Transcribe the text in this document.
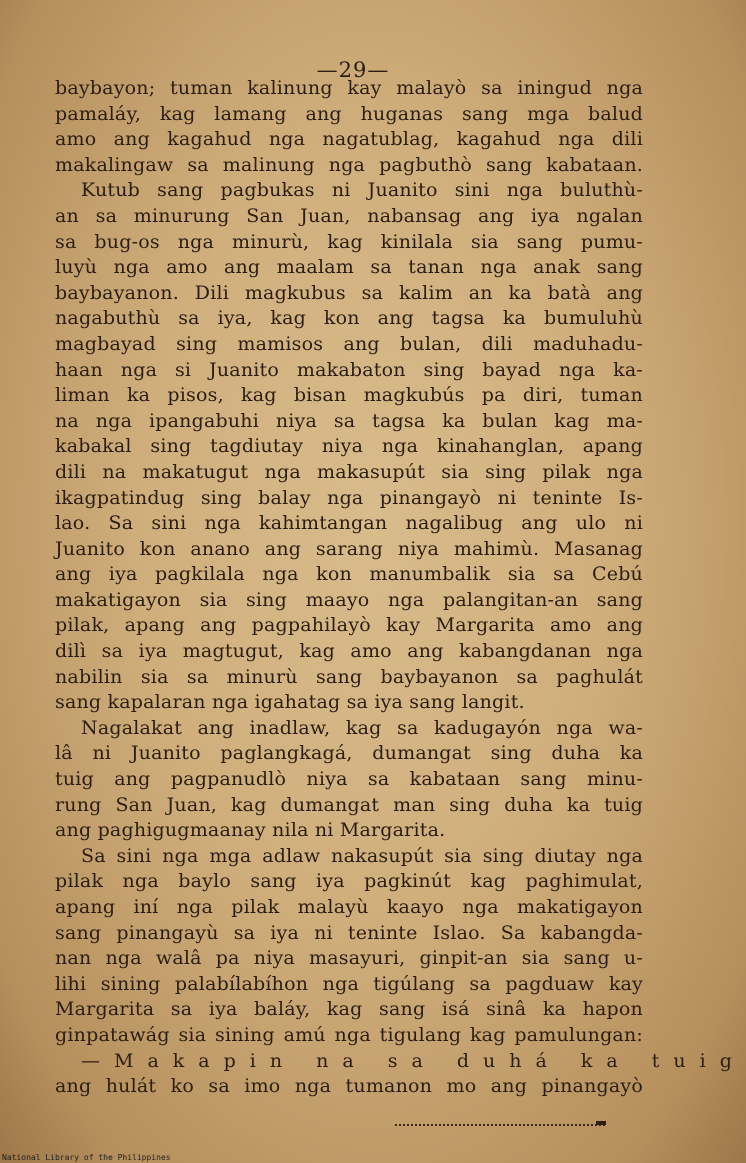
—29—
baybayon; tuman kalinung kay malayò sa iningud nga
pamaláy, kag lamang ang huganas sang mga balud
amo ang kagahud nga nagatublag, kagahud nga dili
makalingaw sa malinung nga pagbuthò sang kabataan.
Kutub sang pagbukas ni Juanito sini nga buluthù-
an sa minurung San Juan, nabansag ang iya ngalan
sa bug-os nga minurù, kag kinilala sia sang pumu-
luyù nga amo ang maalam sa tanan nga anak sang
baybayanon. Dili magkubus sa kalim an ka batà ang
nagabuthù sa iya, kag kon ang tagsa ka bumuluhù
magbayad sing mamisos ang bulan, dili maduhadu-
haan nga si Juanito makabaton sing bayad nga ka-
liman ka pisos, kag bisan magkubús pa diri, tuman
na nga ipangabuhi niya sa tagsa ka bulan kag ma-
kabakal sing tagdiutay niya nga kinahanglan, apang
dili na makatugut nga makasupút sia sing pilak nga
ikagpatindug sing balay nga pinangayò ni teninte Is-
lao. Sa sini nga kahimtangan nagalibug ang ulo ni
Juanito kon anano ang sarang niya mahimù. Masanag
ang iya pagkilala nga kon manumbalik sia sa Cebú
makatigayon sia sing maayo nga palangitan-an sang
pilak, apang ang pagpahilayò kay Margarita amo ang
dilì sa iya magtugut, kag amo ang kabangdanan nga
nabilin sia sa minurù sang baybayanon sa paghulát
sang kapalaran nga igahatag sa iya sang langit.
Nagalakat ang inadlaw, kag sa kadugayón nga wa-
lâ ni Juanito paglangkagá, dumangat sing duha ka
tuig ang pagpanudlò niya sa kabataan sang minu-
rung San Juan, kag dumangat man sing duha ka tuig
ang paghigugmaanay nila ni Margarita.
Sa sini nga mga adlaw nakasupút sia sing diutay nga
pilak nga baylo sang iya pagkinút kag paghimulat,
apang iní nga pilak malayù kaayo nga makatigayon
sang pinangayù sa iya ni teninte Islao. Sa kabangda-
nan nga walâ pa niya masayuri, ginpit-an sia sang u-
lihi sining palabílabíhon nga tigúlang sa pagduaw kay
Margarita sa iya baláy, kag sang isá sinâ ka hapon
ginpatawág sia sining amú nga tigulang kag pamulungan:
—Makapin na sa duhá ka tuig
ang hulát ko sa imo nga tumanon mo ang pinangayò
National Library of the Philippines
